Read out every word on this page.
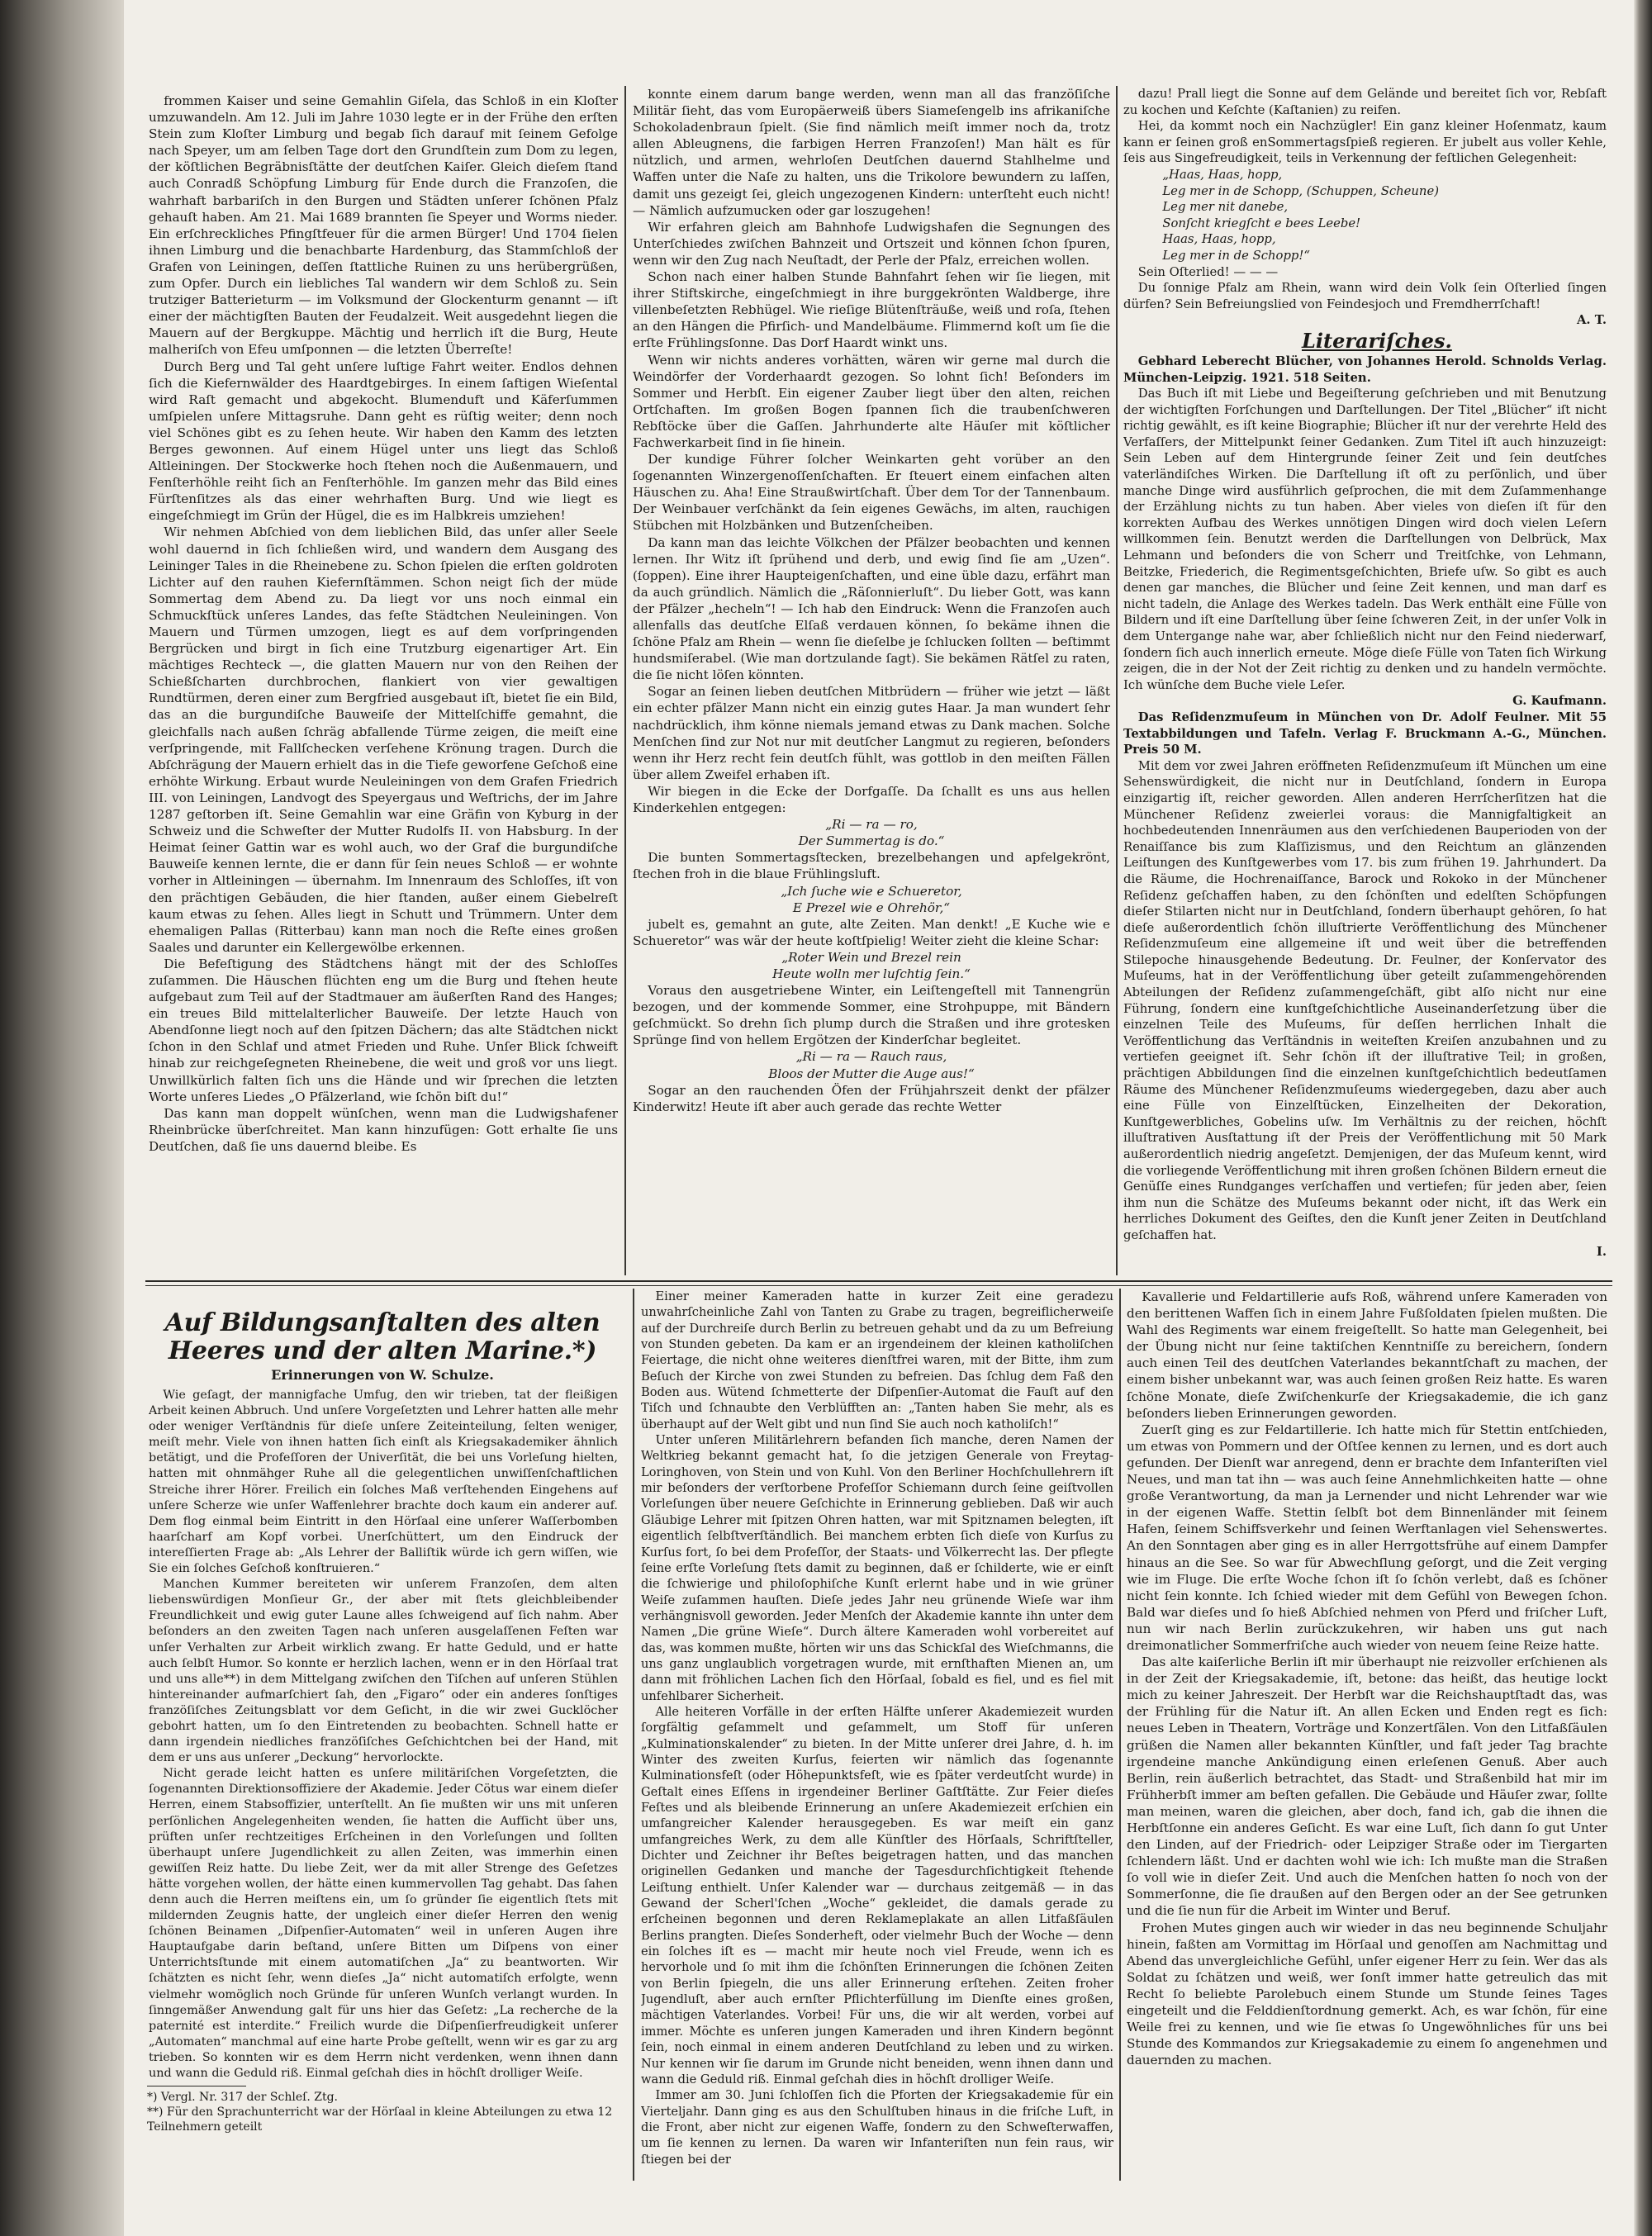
frommen Kaiser und seine Gemahlin Giſela, das Schloß in ein Kloſter umzuwandeln. Am 12. Juli im Jahre 1030 legte er in der Frühe den erſten Stein zum Kloſter Limburg und begab ſich darauf mit ſeinem Gefolge nach Speyer, um am ſelben Tage dort den Grundſtein zum Dom zu legen, der köſtlichen Begräbnisſtätte der deutſchen Kaiſer. Gleich dieſem ſtand auch Conradß Schöpfung Limburg für Ende durch die Franzoſen, die wahrhaft barbariſch in den Burgen und Städten unſerer ſchönen Pfalz gehauſt haben. Am 21. Mai 1689 brannten ſie Speyer und Worms nieder. Ein erſchreckliches Pfingſtfeuer für die armen Bürger! Und 1704 ſielen ihnen Limburg und die benachbarte Hardenburg, das Stammſchloß der Grafen von Leiningen, deſſen ſtattliche Ruinen zu uns herübergrüßen, zum Opfer. Durch ein liebliches Tal wandern wir dem Schloß zu. Sein trutziger Batterieturm — im Volksmund der Glockenturm genannt — iſt einer der mächtigſten Bauten der Feudalzeit. Weit ausgedehnt liegen die Mauern auf der Bergkuppe. Mächtig und herrlich iſt die Burg, Heute malheriſch von Efeu umſponnen — die letzten Überreſte!

Durch Berg und Tal geht unſere luſtige Fahrt weiter. Endlos dehnen ſich die Kiefernwälder des Haardtgebirges. In einem ſaftigen Wieſental wird Raſt gemacht und abgekocht. Blumenduft und Käferſummen umſpielen unſere Mittagsruhe. Dann geht es rüſtig weiter; denn noch viel Schönes gibt es zu ſehen heute. Wir haben den Kamm des letzten Berges gewonnen. Auf einem Hügel unter uns liegt das Schloß Altleiningen. Der Stockwerke hoch ſtehen noch die Außenmauern, und Fenſterhöhle reiht ſich an Fenſterhöhle. Im ganzen mehr das Bild eines Fürſtenſitzes als das einer wehrhaften Burg. Und wie liegt es eingeſchmiegt im Grün der Hügel, die es im Halbkreis umziehen!

Wir nehmen Abſchied von dem lieblichen Bild, das unſer aller Seele wohl dauernd in ſich ſchließen wird, und wandern dem Ausgang des Leininger Tales in die Rheinebene zu. Schon ſpielen die erſten goldroten Lichter auf den rauhen Kiefernſtämmen. Schon neigt ſich der müde Sommertag dem Abend zu. Da liegt vor uns noch einmal ein Schmuckſtück unſeres Landes, das feſte Städtchen Neuleiningen. Von Mauern und Türmen umzogen, liegt es auf dem vorſpringenden Bergrücken und birgt in ſich eine Trutzburg eigenartiger Art. Ein mächtiges Rechteck —, die glatten Mauern nur von den Reihen der Schießſcharten durchbrochen, flankiert von vier gewaltigen Rundtürmen, deren einer zum Bergfried ausgebaut iſt, bietet ſie ein Bild, das an die burgundiſche Bauweiſe der Mittelſchiffe gemahnt, die gleichfalls nach außen ſchräg abfallende Türme zeigen, die meiſt eine verſpringende, mit Fallſchecken verſehene Krönung tragen. Durch die Abſchrägung der Mauern erhielt das in die Tiefe geworfene Geſchoß eine erhöhte Wirkung. Erbaut wurde Neuleiningen von dem Grafen Friedrich III. von Leiningen, Landvogt des Speyergaus und Weſtrichs, der im Jahre 1287 geſtorben iſt. Seine Gemahlin war eine Gräfin von Kyburg in der Schweiz und die Schweſter der Mutter Rudolfs II. von Habsburg. In der Heimat ſeiner Gattin war es wohl auch, wo der Graf die burgundiſche Bauweiſe kennen lernte, die er dann für ſein neues Schloß — er wohnte vorher in Altleiningen — übernahm. Im Innenraum des Schloſſes, iſt von den prächtigen Gebäuden, die hier ſtanden, außer einem Giebelreſt kaum etwas zu ſehen. Alles liegt in Schutt und Trümmern. Unter dem ehemaligen Pallas (Ritterbau) kann man noch die Reſte eines großen Saales und darunter ein Kellergewölbe erkennen.

Die Befeſtigung des Städtchens hängt mit der des Schloſſes zuſammen. Die Häuschen flüchten eng um die Burg und ſtehen heute aufgebaut zum Teil auf der Stadtmauer am äußerſten Rand des Hanges; ein treues Bild mittelalterlicher Bauweiſe. Der letzte Hauch von Abendſonne liegt noch auf den ſpitzen Dächern; das alte Städtchen nickt ſchon in den Schlaf und atmet Frieden und Ruhe. Unſer Blick ſchweift hinab zur reichgeſegneten Rheinebene, die weit und groß vor uns liegt. Unwillkürlich falten ſich uns die Hände und wir ſprechen die letzten Worte unſeres Liedes „O Pfälzerland, wie ſchön biſt du!“

Das kann man doppelt wünſchen, wenn man die Ludwigshafener Rheinbrücke überſchreitet. Man kann hinzufügen: Gott erhalte ſie uns Deutſchen, daß ſie uns dauernd bleibe. Es

konnte einem darum bange werden, wenn man all das franzöſiſche Militär ſieht, das vom Europäerweiß übers Siameſengelb ins afrikaniſche Schokoladenbraun ſpielt. (Sie find nämlich meiſt immer noch da, trotz allen Ableugnens, die farbigen Herren Franzoſen!) Man hält es für nützlich, und armen, wehrloſen Deutſchen dauernd Stahlhelme und Waffen unter die Naſe zu halten, uns die Trikolore bewundern zu laſſen, damit uns gezeigt ſei, gleich ungezogenen Kindern: unterſteht euch nicht! — Nämlich aufzumucken oder gar loszugehen!

Wir erfahren gleich am Bahnhofe Ludwigshafen die Segnungen des Unterſchiedes zwiſchen Bahnzeit und Ortszeit und können ſchon ſpuren, wenn wir den Zug nach Neuſtadt, der Perle der Pfalz, erreichen wollen.

Schon nach einer halben Stunde Bahnfahrt ſehen wir ſie liegen, mit ihrer Stiftskirche, eingeſchmiegt in ihre burggekrönten Waldberge, ihre villenbeſetzten Rebhügel. Wie rieſige Blütenſträuße, weiß und roſa, ſtehen an den Hängen die Pfirſich- und Mandelbäume. Flimmernd koſt um ſie die erſte Frühlingsſonne. Das Dorf Haardt winkt uns.

Wenn wir nichts anderes vorhätten, wären wir gerne mal durch die Weindörfer der Vorderhaardt gezogen. So lohnt ſich! Beſonders im Sommer und Herbſt. Ein eigener Zauber liegt über den alten, reichen Ortſchaften. Im großen Bogen ſpannen ſich die traubenſchweren Rebſtöcke über die Gaſſen. Jahrhunderte alte Häuſer mit köſtlicher Fachwerkarbeit ſind in ſie hinein.

Der kundige Führer ſolcher Weinkarten geht vorüber an den ſogenannten Winzergenoſſenſchaften. Er ſteuert einem einfachen alten Häuschen zu. Aha! Eine Straußwirtſchaft. Über dem Tor der Tannenbaum. Der Weinbauer verſchänkt da ſein eigenes Gewächs, im alten, rauchigen Stübchen mit Holzbänken und Butzenſcheiben.

Da kann man das leichte Völkchen der Pfälzer beobachten und kennen lernen. Ihr Witz iſt ſprühend und derb, und ewig ſind ſie am „Uzen“. (ſoppen). Eine ihrer Haupteigenſchaften, und eine üble dazu, erfährt man da auch gründlich. Nämlich die „Räſonnierluſt“. Du lieber Gott, was kann der Pfälzer „hecheln“! — Ich hab den Eindruck: Wenn die Franzoſen auch allenfalls das deutſche Elſaß verdauen können, ſo bekäme ihnen die ſchöne Pfalz am Rhein — wenn ſie dieſelbe je ſchlucken ſollten — beſtimmt hundsmiſerabel. (Wie man dortzulande ſagt). Sie bekämen Rätſel zu raten, die ſie nicht löſen könnten.

Sogar an ſeinen lieben deutſchen Mitbrüdern — früher wie jetzt — läßt ein echter pfälzer Mann nicht ein einzig gutes Haar. Ja man wundert ſehr nachdrücklich, ihm könne niemals jemand etwas zu Dank machen. Solche Menſchen ſind zur Not nur mit deutſcher Langmut zu regieren, beſonders wenn ihr Herz recht fein deutſch fühlt, was gottlob in den meiſten Fällen über allem Zweifel erhaben iſt.

Wir biegen in die Ecke der Dorfgaſſe. Da ſchallt es uns aus hellen Kinderkehlen entgegen:

„Ri — ra — ro,

Der Summertag is do.“

Die bunten Sommertagsſtecken, brezelbehangen und apfelgekrönt, ſtechen froh in die blaue Frühlingsluft.

„Ich ſuche wie e Schueretor,

E Prezel wie e Ohrehör,“

jubelt es, gemahnt an gute, alte Zeiten. Man denkt! „E Kuche wie e Schueretor“ was wär der heute koſtſpielig! Weiter zieht die kleine Schar:

„Roter Wein und Brezel rein

Heute wolln mer luſchtig ſein.“

Voraus den ausgetriebene Winter, ein Leiſtengeſtell mit Tannengrün bezogen, und der kommende Sommer, eine Strohpuppe, mit Bändern geſchmückt. So drehn ſich plump durch die Straßen und ihre grotesken Sprünge ſind von hellem Ergötzen der Kinderſchar begleitet.

„Ri — ra — Rauch raus,

Bloos der Mutter die Auge aus!“

Sogar an den rauchenden Öfen der Frühjahrszeit denkt der pfälzer Kinderwitz! Heute iſt aber auch gerade das rechte Wetter

dazu! Prall liegt die Sonne auf dem Gelände und bereitet ſich vor, Rebſaft zu kochen und Keſchte (Kaſtanien) zu reifen.

Hei, da kommt noch ein Nachzügler! Ein ganz kleiner Hoſenmatz, kaum kann er ſeinen groß enSommertagsſpieß regieren. Er jubelt aus voller Kehle, ſeis aus Singefreudigkeit, teils in Verkennung der feſtlichen Gelegenheit:

„Haas, Haas, hopp,

Leg mer in de Schopp, (Schuppen, Scheune)

Leg mer nit danebe,

Sonſcht kriegſcht e bees Leebe!

Haas, Haas, hopp,

Leg mer in de Schopp!“

Sein Oſterlied! — — —

Du ſonnige Pfalz am Rhein, wann wird dein Volk ſein Oſterlied ſingen dürfen? Sein Befreiungslied von Feindesjoch und Fremdherrſchaft!

A. T.

Literariſches.

Gebhard Leberecht Blücher, von Johannes Herold. Schnolds Verlag. München-Leipzig. 1921. 518 Seiten.

Das Buch iſt mit Liebe und Begeiſterung geſchrieben und mit Benutzung der wichtigſten Forſchungen und Darſtellungen. Der Titel „Blücher“ iſt nicht richtig gewählt, es iſt keine Biographie; Blücher iſt nur der verehrte Held des Verfaſſers, der Mittelpunkt ſeiner Gedanken. Zum Titel iſt auch hinzuzeigt: Sein Leben auf dem Hintergrunde ſeiner Zeit und ſein deutſches vaterländiſches Wirken. Die Darſtellung iſt oft zu perſönlich, und über manche Dinge wird ausführlich geſprochen, die mit dem Zuſammenhange der Erzählung nichts zu tun haben. Aber vieles von dieſen iſt für den korrekten Aufbau des Werkes unnötigen Dingen wird doch vielen Leſern willkommen ſein. Benutzt werden die Darſtellungen von Delbrück, Max Lehmann und beſonders die von Scherr und Treitſchke, von Lehmann, Beitzke, Friederich, die Regimentsgeſchichten, Briefe uſw. So gibt es auch denen gar manches, die Blücher und ſeine Zeit kennen, und man darf es nicht tadeln, die Anlage des Werkes tadeln. Das Werk enthält eine Fülle von Bildern und iſt eine Darſtellung über ſeine ſchweren Zeit, in der unſer Volk in dem Untergange nahe war, aber ſchließlich nicht nur den Feind niederwarf, ſondern ſich auch innerlich erneute. Möge dieſe Fülle von Taten ſich Wirkung zeigen, die in der Not der Zeit richtig zu denken und zu handeln vermöchte. Ich wünſche dem Buche viele Leſer.

G. Kaufmann.

Das Reſidenzmuſeum in München von Dr. Adolf Feulner. Mit 55 Textabbildungen und Tafeln. Verlag F. Bruckmann A.-G., München. Preis 50 M.

Mit dem vor zwei Jahren eröffneten Reſidenzmuſeum iſt München um eine Sehenswürdigkeit, die nicht nur in Deutſchland, ſondern in Europa einzigartig iſt, reicher geworden. Allen anderen Herrſcherſitzen hat die Münchener Reſidenz zweierlei voraus: die Mannigfaltigkeit an hochbedeutenden Innenräumen aus den verſchiedenen Bauperioden von der Renaiſſance bis zum Klaſſizismus, und den Reichtum an glänzenden Leiſtungen des Kunſtgewerbes vom 17. bis zum frühen 19. Jahrhundert. Da die Räume, die Hochrenaiſſance, Barock und Rokoko in der Münchener Reſidenz geſchaffen haben, zu den ſchönſten und edelſten Schöpfungen dieſer Stilarten nicht nur in Deutſchland, ſondern überhaupt gehören, ſo hat dieſe außerordentlich ſchön illuſtrierte Veröffentlichung des Münchener Reſidenzmuſeum eine allgemeine iſt und weit über die betreffenden Stilepoche hinausgehende Bedeutung. Dr. Feulner, der Konſervator des Muſeums, hat in der Veröffentlichung über geteilt zuſammengehörenden Abteilungen der Reſidenz zuſammengeſchäft, gibt alſo nicht nur eine Führung, ſondern eine kunſtgeſchichtliche Auseinanderſetzung über die einzelnen Teile des Muſeums, für deſſen herrlichen Inhalt die Veröffentlichung das Verſtändnis in weiteſten Kreiſen anzubahnen und zu vertiefen geeignet iſt. Sehr ſchön iſt der illuſtrative Teil; in großen, prächtigen Abbildungen ſind die einzelnen kunſtgeſchichtlich bedeutſamen Räume des Münchener Reſidenzmuſeums wiedergegeben, dazu aber auch eine Fülle von Einzelſtücken, Einzelheiten der Dekoration, Kunſtgewerbliches, Gobelins uſw. Im Verhältnis zu der reichen, höchſt illuſtrativen Ausſtattung iſt der Preis der Veröffentlichung mit 50 Mark außerordentlich niedrig angeſetzt. Demjenigen, der das Muſeum kennt, wird die vorliegende Veröffentlichung mit ihren großen ſchönen Bildern erneut die Genüſſe eines Rundganges verſchaffen und vertiefen; für jeden aber, ſeien ihm nun die Schätze des Muſeums bekannt oder nicht, iſt das Werk ein herrliches Dokument des Geiſtes, den die Kunſt jener Zeiten in Deutſchland geſchaffen hat.

I.

Auf Bildungsanſtalten des alten Heeres und der alten Marine.*)
Erinnerungen von W. Schulze.

Wie geſagt, der mannigfache Umfug, den wir trieben, tat der fleißigen Arbeit keinen Abbruch. Und unſere Vorgeſetzten und Lehrer hatten alle mehr oder weniger Verſtändnis für dieſe unſere Zeiteinteilung, ſelten weniger, meiſt mehr. Viele von ihnen hatten ſich einſt als Kriegsakademiker ähnlich betätigt, und die Profeſſoren der Univerſität, die bei uns Vorleſung hielten, hatten mit ohnmähger Ruhe all die gelegentlichen unwiſſenſchaftlichen Streiche ihrer Hörer. Freilich ein ſolches Maß verſtehenden Eingehens auf unſere Scherze wie unſer Waffenlehrer brachte doch kaum ein anderer auf. Dem flog einmal beim Eintritt in den Hörſaal eine unſerer Waſſerbomben haarſcharf am Kopf vorbei. Unerſchüttert, um den Eindruck der intereſſierten Frage ab: „Als Lehrer der Balliſtik würde ich gern wiſſen, wie Sie ein ſolches Geſchoß konſtruieren.“

Manchen Kummer bereiteten wir unſerem Franzoſen, dem alten liebenswürdigen Monſieur Gr., der aber mit ſtets gleichbleibender Freundlichkeit und ewig guter Laune alles ſchweigend auf ſich nahm. Aber beſonders an den zweiten Tagen nach unſeren ausgelaſſenen Feſten war unſer Verhalten zur Arbeit wirklich zwang. Er hatte Geduld, und er hatte auch ſelbſt Humor. So konnte er herzlich lachen, wenn er in den Hörſaal trat und uns alle**) in dem Mittelgang zwiſchen den Tiſchen auf unſeren Stühlen hintereinander aufmarſchiert ſah, den „Figaro“ oder ein anderes ſonſtiges franzöſiſches Zeitungsblatt vor dem Geſicht, in die wir zwei Gucklöcher gebohrt hatten, um ſo den Eintretenden zu beobachten. Schnell hatte er dann irgendein niedliches franzöſiſches Geſchichtchen bei der Hand, mit dem er uns aus unſerer „Deckung“ hervorlockte.

Nicht gerade leicht hatten es unſere militäriſchen Vorgeſetzten, die ſogenannten Direktionsoffiziere der Akademie. Jeder Cötus war einem dieſer Herren, einem Stabsoffizier, unterſtellt. An ſie mußten wir uns mit unſeren perſönlichen Angelegenheiten wenden, ſie hatten die Aufſicht über uns, prüften unſer rechtzeitiges Erſcheinen in den Vorleſungen und ſollten überhaupt unſere Jugendlichkeit zu allen Zeiten, was immerhin einen gewiſſen Reiz hatte. Du liebe Zeit, wer da mit aller Strenge des Geſetzes hätte vorgehen wollen, der hätte einen kummervollen Tag gehabt. Das ſahen denn auch die Herren meiſtens ein, um ſo gründer ſie eigentlich ſtets mit mildernden Zeugnis hatte, der ungleich einer dieſer Herren den wenig ſchönen Beinamen „Diſpenſier-Automaten“ weil in unſeren Augen ihre Hauptaufgabe darin beſtand, unſere Bitten um Diſpens von einer Unterrichtsſtunde mit einem automatiſchen „Ja“ zu beantworten. Wir ſchätzten es nicht ſehr, wenn dieſes „Ja“ nicht automatiſch erfolgte, wenn vielmehr womöglich noch Gründe für unſeren Wunſch verlangt wurden. In ſinngemäßer Anwendung galt für uns hier das Geſetz: „La recherche de la paternité est interdite.“ Freilich wurde die Diſpenſierfreudigkeit unſerer „Automaten“ manchmal auf eine harte Probe geſtellt, wenn wir es gar zu arg trieben. So konnten wir es dem Herrn nicht verdenken, wenn ihnen dann und wann die Geduld riß. Einmal geſchah dies in höchſt drolliger Weiſe.

Einer meiner Kameraden hatte in kurzer Zeit eine geradezu unwahrſcheinliche Zahl von Tanten zu Grabe zu tragen, begreiflicherweiſe auf der Durchreiſe durch Berlin zu betreuen gehabt und da zu um Befreiung von Stunden gebeten. Da kam er an irgendeinem der kleinen katholiſchen Feiertage, die nicht ohne weiteres dienſtfrei waren, mit der Bitte, ihm zum Beſuch der Kirche von zwei Stunden zu befreien. Das ſchlug dem Faß den Boden aus. Wütend ſchmetterte der Diſpenſier-Automat die Fauſt auf den Tiſch und ſchnaubte den Verblüfften an: „Tanten haben Sie mehr, als es überhaupt auf der Welt gibt und nun ſind Sie auch noch katholiſch!“

Unter unſeren Militärlehrern befanden ſich manche, deren Namen der Weltkrieg bekannt gemacht hat, ſo die jetzigen Generale von Freytag-Loringhoven, von Stein und von Kuhl. Von den Berliner Hochſchullehrern iſt mir beſonders der verſtorbene Profeſſor Schiemann durch ſeine geiſtvollen Vorleſungen über neuere Geſchichte in Erinnerung geblieben. Daß wir auch Gläubige Lehrer mit ſpitzen Ohren hatten, war mit Spitznamen belegten, iſt eigentlich ſelbſtverſtändlich. Bei manchem erbten ſich dieſe von Kurſus zu Kurſus fort, ſo bei dem Profeſſor, der Staats- und Völkerrecht las. Der pflegte ſeine erſte Vorleſung ſtets damit zu beginnen, daß er ſchilderte, wie er einſt die ſchwierige und philoſophiſche Kunſt erlernt habe und in wie grüner Weiſe zuſammen hauſten. Dieſe jedes Jahr neu grünende Wieſe war ihm verhängnisvoll geworden. Jeder Menſch der Akademie kannte ihn unter dem Namen „Die grüne Wieſe“. Durch ältere Kameraden wohl vorbereitet auf das, was kommen mußte, hörten wir uns das Schickſal des Wieſchmanns, die uns ganz unglaublich vorgetragen wurde, mit ernſthaften Mienen an, um dann mit fröhlichen Lachen ſich den Hörſaal, ſobald es fiel, und es fiel mit unfehlbarer Sicherheit.

Alle heiteren Vorfälle in der erſten Hälfte unſerer Akademiezeit wurden ſorgfältig geſammelt und geſammelt, um Stoff für unſeren „Kulminationskalender“ zu bieten. In der Mitte unſerer drei Jahre, d. h. im Winter des zweiten Kurſus, feierten wir nämlich das ſogenannte Kulminationsfeſt (oder Höhepunktsfeſt, wie es ſpäter verdeutſcht wurde) in Geſtalt eines Eſſens in irgendeiner Berliner Gaſtſtätte. Zur Feier dieſes Feſtes und als bleibende Erinnerung an unſere Akademiezeit erſchien ein umfangreicher Kalender herausgegeben. Es war meiſt ein ganz umfangreiches Werk, zu dem alle Künſtler des Hörſaals, Schriftſteller, Dichter und Zeichner ihr Beſtes beigetragen hatten, und das manchen originellen Gedanken und manche der Tagesdurchſichtigkeit ſtehende Leiſtung enthielt. Unſer Kalender war — durchaus zeitgemäß — in das Gewand der Scherl'ſchen „Woche“ gekleidet, die damals gerade zu erſcheinen begonnen und deren Reklameplakate an allen Litfaßſäulen Berlins prangten. Dieſes Sonderheft, oder vielmehr Buch der Woche — denn ein ſolches iſt es — macht mir heute noch viel Freude, wenn ich es hervorhole und ſo mit ihm die ſchönſten Erinnerungen die ſchönen Zeiten von Berlin ſpiegeln, die uns aller Erinnerung erſtehen. Zeiten froher Jugendluſt, aber auch ernſter Pflichterfüllung im Dienſte eines großen, mächtigen Vaterlandes. Vorbei! Für uns, die wir alt werden, vorbei auf immer. Möchte es unſeren jungen Kameraden und ihren Kindern begönnt ſein, noch einmal in einem anderen Deutſchland zu leben und zu wirken. Nur kennen wir ſie darum im Grunde nicht beneiden, wenn ihnen dann und wann die Geduld riß. Einmal geſchah dies in höchſt drolliger Weiſe.

Immer am 30. Juni ſchloſſen ſich die Pforten der Kriegsakademie für ein Vierteljahr. Dann ging es aus den Schulſtuben hinaus in die friſche Luft, in die Front, aber nicht zur eigenen Waffe, ſondern zu den Schweſterwaffen, um ſie kennen zu lernen. Da waren wir Infanteriſten nun fein raus, wir ſtiegen bei der

Kavallerie und Feldartillerie aufs Roß, während unſere Kameraden von den berittenen Waffen ſich in einem Jahre Fußſoldaten ſpielen mußten. Die Wahl des Regiments war einem freigeſtellt. So hatte man Gelegenheit, bei der Übung nicht nur ſeine taktiſchen Kenntniſſe zu bereichern, ſondern auch einen Teil des deutſchen Vaterlandes bekanntſchaft zu machen, der einem bisher unbekannt war, was auch ſeinen großen Reiz hatte. Es waren ſchöne Monate, dieſe Zwiſchenkurſe der Kriegsakademie, die ich ganz beſonders lieben Erinnerungen geworden.

Zuerſt ging es zur Feldartillerie. Ich hatte mich für Stettin entſchieden, um etwas von Pommern und der Oſtſee kennen zu lernen, und es dort auch gefunden. Der Dienſt war anregend, denn er brachte dem Infanteriſten viel Neues, und man tat ihn — was auch ſeine Annehmlichkeiten hatte — ohne große Verantwortung, da man ja Lernender und nicht Lehrender war wie in der eigenen Waffe. Stettin ſelbſt bot dem Binnenländer mit ſeinem Hafen, ſeinem Schiffsverkehr und ſeinen Werftanlagen viel Sehenswertes. An den Sonntagen aber ging es in aller Herrgottsfrühe auf einem Dampfer hinaus an die See. So war für Abwechſlung geſorgt, und die Zeit verging wie im Fluge. Die erſte Woche ſchon iſt ſo ſchön verlebt, daß es ſchöner nicht ſein konnte. Ich ſchied wieder mit dem Gefühl von Bewegen ſchon. Bald war dieſes und ſo hieß Abſchied nehmen von Pferd und friſcher Luft, nun wir nach Berlin zurückzukehren, wir haben uns gut nach dreimonatlicher Sommerfriſche auch wieder von neuem ſeine Reize hatte.

Das alte kaiſerliche Berlin iſt mir überhaupt nie reizvoller erſchienen als in der Zeit der Kriegsakademie, iſt, betone: das heißt, das heutige lockt mich zu keiner Jahreszeit. Der Herbſt war die Reichshauptſtadt das, was der Frühling für die Natur iſt. An allen Ecken und Enden regt es ſich: neues Leben in Theatern, Vorträge und Konzertſälen. Von den Litfaßſäulen grüßen die Namen aller bekannten Künſtler, und faſt jeder Tag brachte irgendeine manche Ankündigung einen erleſenen Genuß. Aber auch Berlin, rein äußerlich betrachtet, das Stadt- und Straßenbild hat mir im Frühherbſt immer am beſten gefallen. Die Gebäude und Häuſer zwar, ſollte man meinen, waren die gleichen, aber doch, fand ich, gab die ihnen die Herbſtſonne ein anderes Geſicht. Es war eine Luſt, ſich dann ſo gut Unter den Linden, auf der Friedrich- oder Leipziger Straße oder im Tiergarten ſchlendern läßt. Und er dachten wohl wie ich: Ich mußte man die Straßen ſo voll wie in dieſer Zeit. Und auch die Menſchen hatten ſo noch von der Sommerſonne, die ſie draußen auf den Bergen oder an der See getrunken und die ſie nun für die Arbeit im Winter und Beruf.

Frohen Mutes gingen auch wir wieder in das neu beginnende Schuljahr hinein, faßten am Vormittag im Hörſaal und genoſſen am Nachmittag und Abend das unvergleichliche Gefühl, unſer eigener Herr zu ſein. Wer das als Soldat zu ſchätzen und weiß, wer ſonſt immer hatte getreulich das mit Recht ſo beliebte Parolebuch einem Stunde um Stunde ſeines Tages eingeteilt und die Felddienſtordnung gemerkt. Ach, es war ſchön, für eine Weile frei zu kennen, und wie ſie etwas ſo Ungewöhnliches für uns bei Stunde des Kommandos zur Kriegsakademie zu einem ſo angenehmen und dauernden zu machen.

*) Vergl. Nr. 317 der Schleſ. Ztg.
**) Für den Sprachunterricht war der Hörſaal in kleine Abteilungen zu etwa 12 Teilnehmern geteilt
